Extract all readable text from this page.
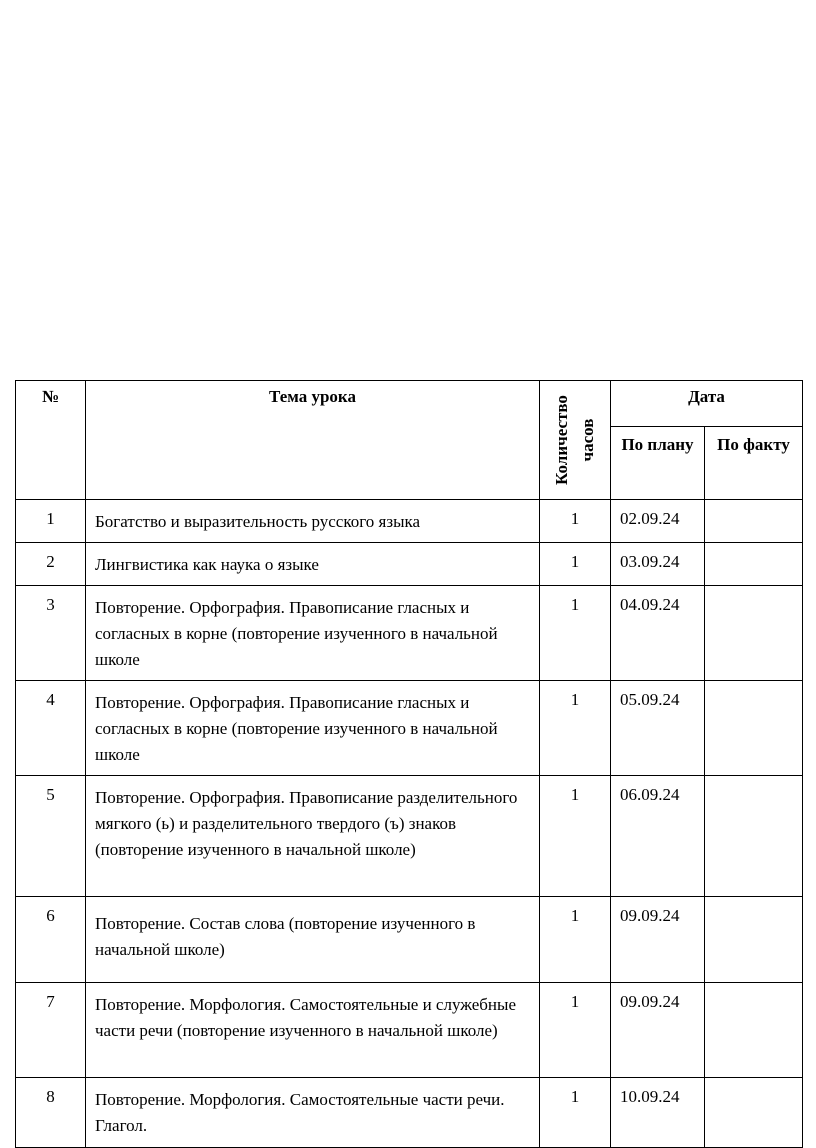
№	Тема урока	Количество часов	Дата	
			По плану	По факту
1	Богатство и выразительность русского языка	1	02.09.24	
2	Лингвистика как наука о языке	1	03.09.24	
3	Повторение. Орфография. Правописание гласных и согласных в корне (повторение изученного в начальной школе	1	04.09.24	
4	Повторение. Орфография. Правописание гласных и согласных в корне (повторение изученного в начальной школе	1	05.09.24	
5	Повторение. Орфография. Правописание разделительного мягкого (ь) и разделительного твердого (ъ) знаков (повторение изученного в начальной школе)	1	06.09.24	
6	Повторение. Состав слова (повторение изученного в начальной школе)	1	09.09.24	
7	Повторение. Морфология. Самостоятельные и служебные части речи (повторение изученного в начальной школе)	1	09.09.24	
8	Повторение. Морфология. Самостоятельные части речи. Глагол.	1	10.09.24	
